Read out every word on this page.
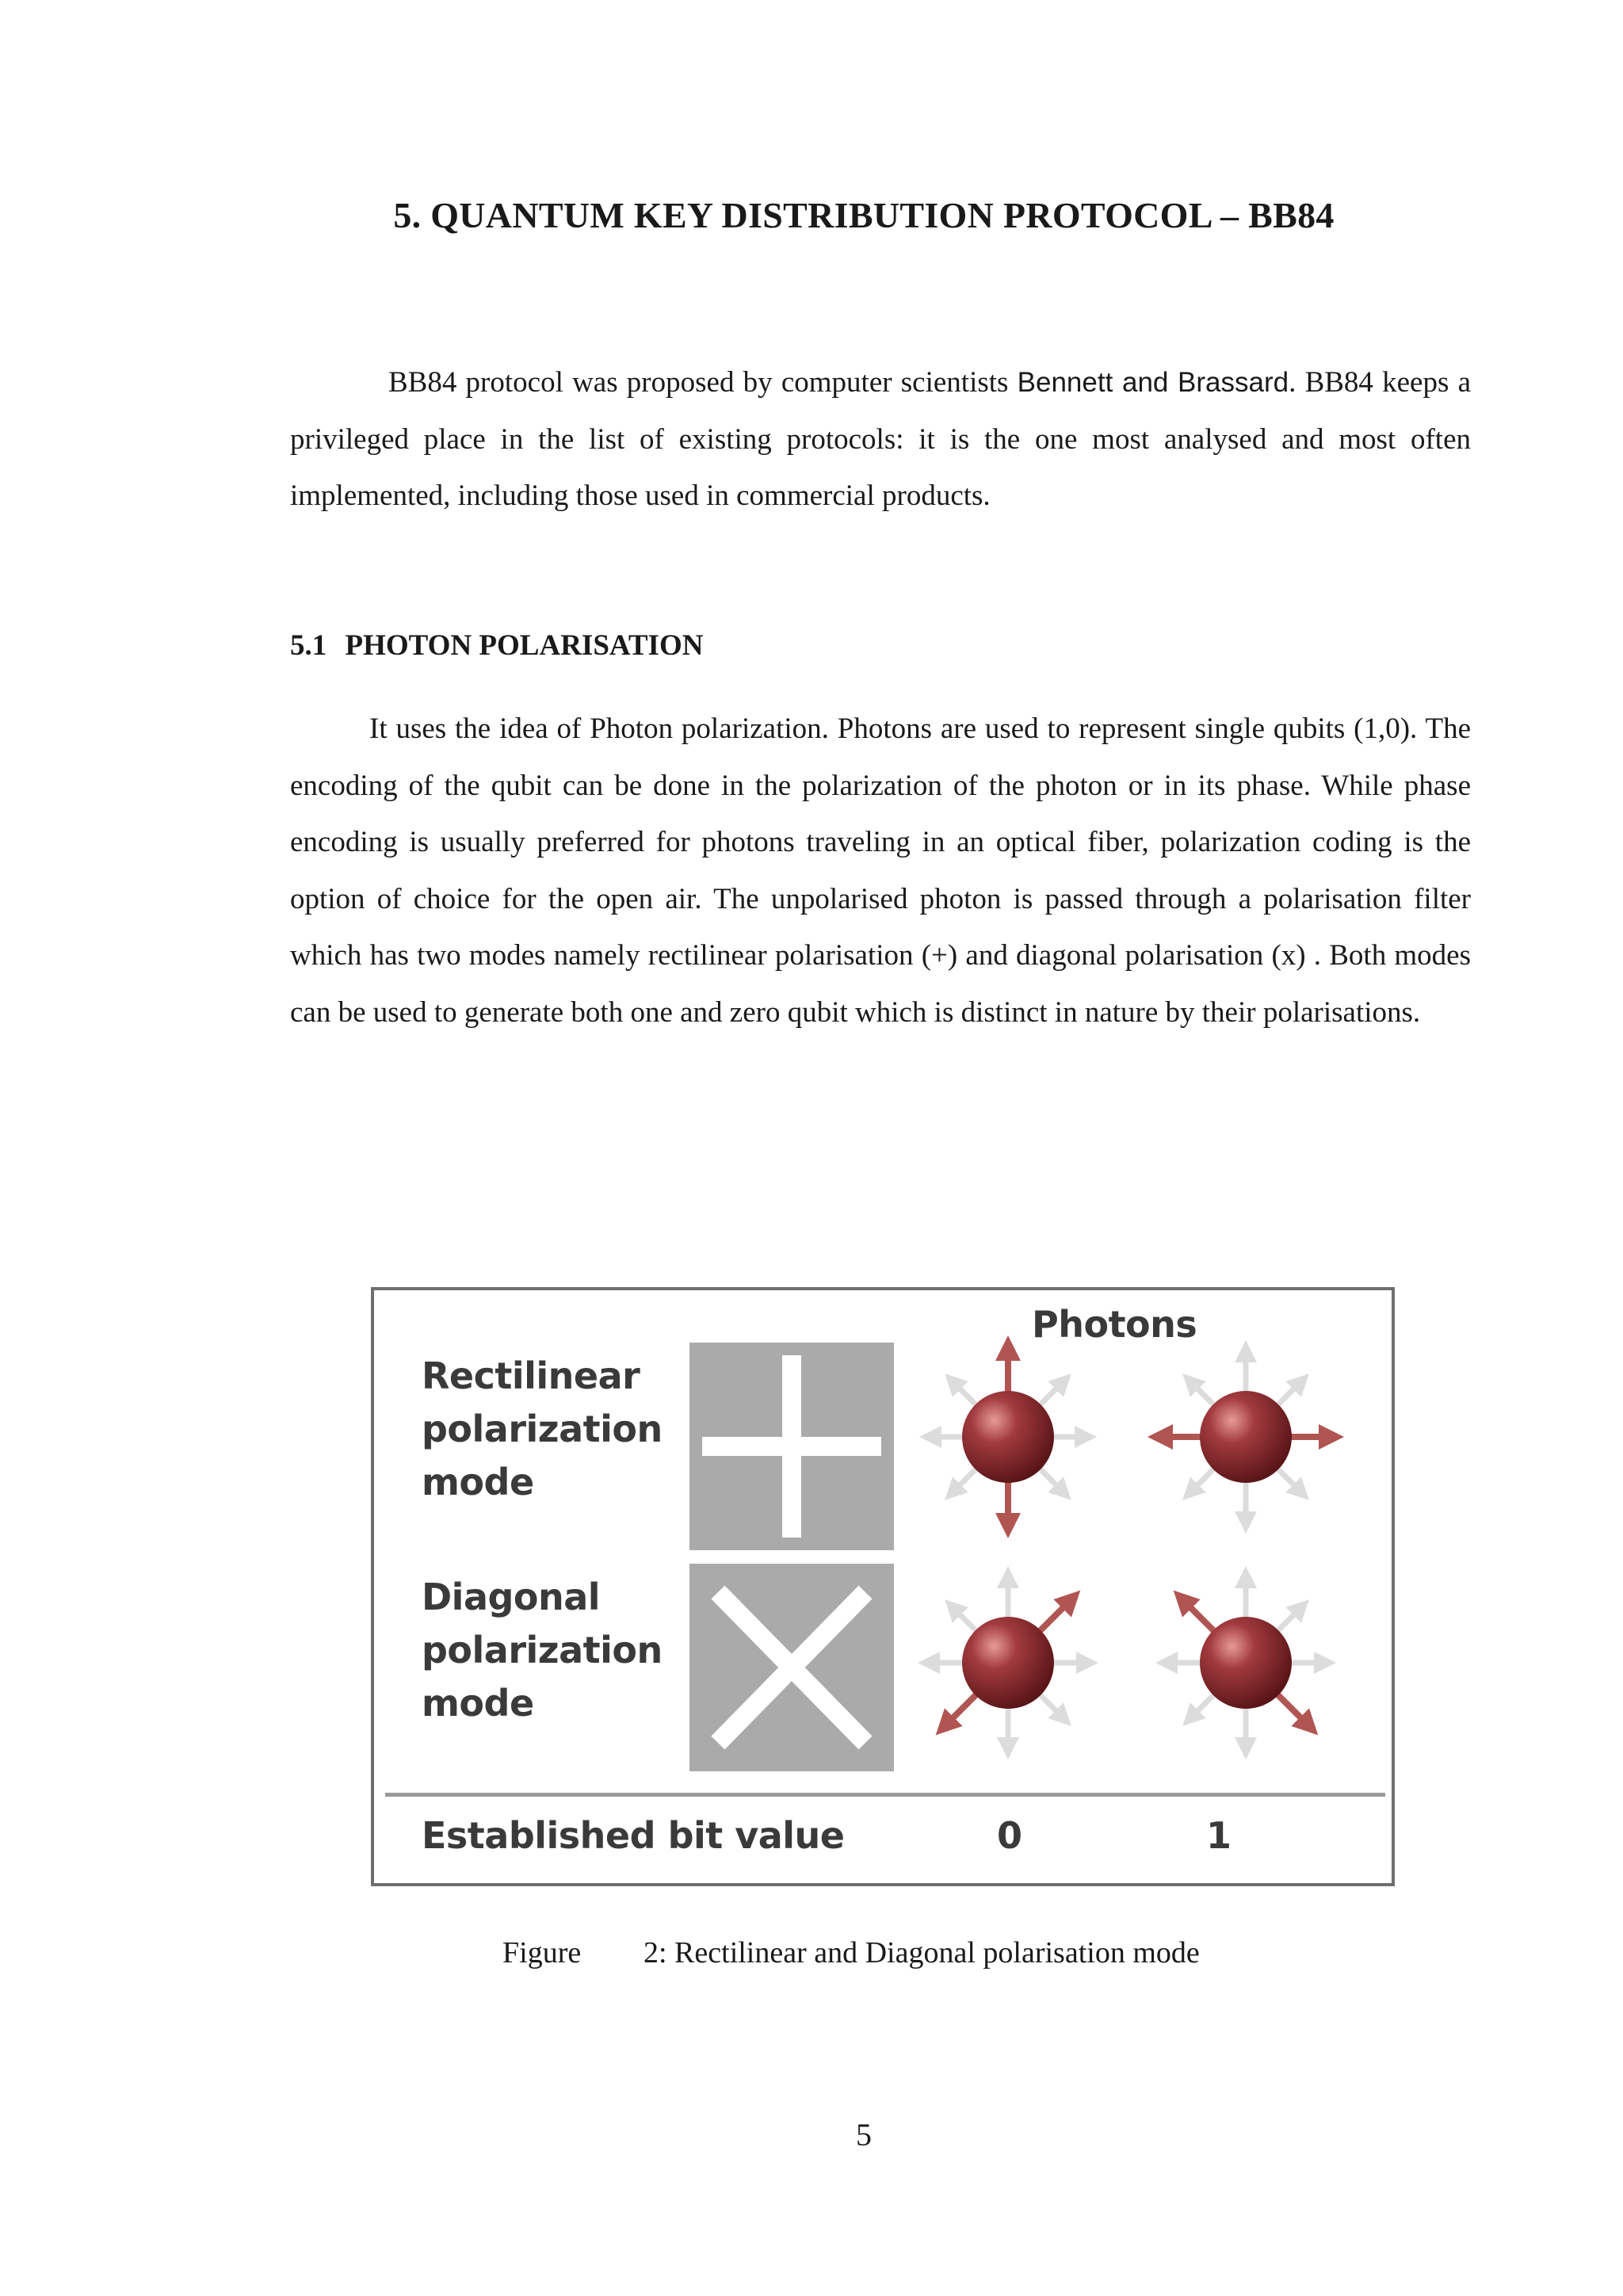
5. QUANTUM KEY DISTRIBUTION PROTOCOL – BB84
BB84 protocol was proposed by computer scientists Bennett and Brassard. BB84 keeps a privileged place in the list of existing protocols: it is the one most analysed and most often implemented, including those used in commercial products.
5.1 PHOTON POLARISATION
It uses the idea of Photon polarization. Photons are used to represent single qubits (1,0). The encoding of the qubit can be done in the polarization of the photon or in its phase. While phase encoding is usually preferred for photons traveling in an optical fiber, polarization coding is the option of choice for the open air. The unpolarised photon is passed through a polarisation filter which has two modes namely rectilinear polarisation (+) and diagonal polarisation (x) . Both modes can be used to generate both one and zero qubit which is distinct in nature by their polarisations.
Photons
Rectilinear
polarization
mode
Diagonal
polarization
mode
Established bit value	0	1
Figure 2: Rectilinear and Diagonal polarisation mode
5
